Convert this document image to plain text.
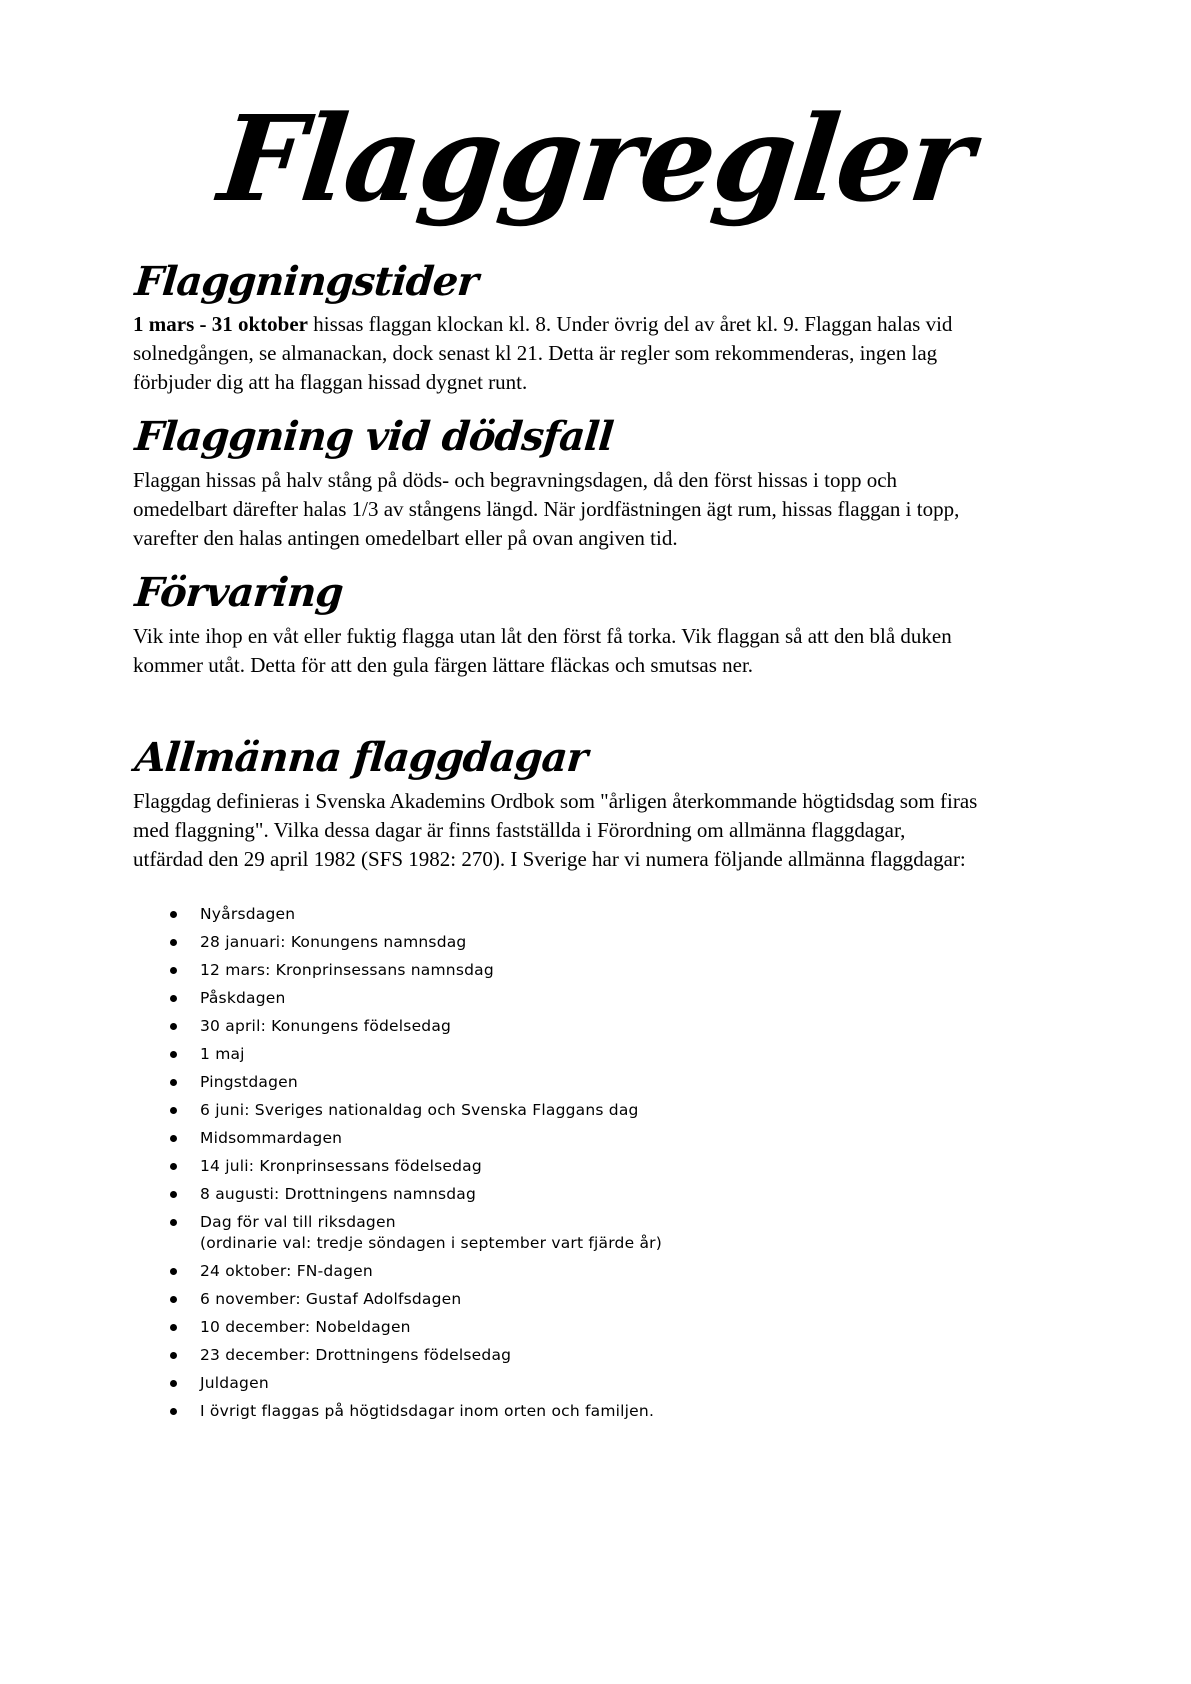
Flaggregler
Flaggningstider

1 mars - 31 oktober hissas flaggan klockan kl. 8. Under övrig del av året kl. 9. Flaggan halas vid solnedgången, se almanackan, dock senast kl 21. Detta är regler som rekommenderas, ingen lag förbjuder dig att ha flaggan hissad dygnet runt.

Flaggning vid dödsfall

Flaggan hissas på halv stång på döds- och begravningsdagen, då den först hissas i topp och omedelbart därefter halas 1/3 av stångens längd. När jordfästningen ägt rum, hissas flaggan i topp, varefter den halas antingen omedelbart eller på ovan angiven tid.

Förvaring

Vik inte ihop en våt eller fuktig flagga utan låt den först få torka. Vik flaggan så att den blå duken kommer utåt. Detta för att den gula färgen lättare fläckas och smutsas ner.

Allmänna flaggdagar

Flaggdag definieras i Svenska Akademins Ordbok som "årligen återkommande högtidsdag som firas med flaggning". Vilka dessa dagar är finns fastställda i Förordning om allmänna flaggdagar, utfärdad den 29 april 1982 (SFS 1982: 270). I Sverige har vi numera följande allmänna flaggdagar:

Nyårsdagen
28 januari: Konungens namnsdag
12 mars: Kronprinsessans namnsdag
Påskdagen
30 april: Konungens födelsedag
1 maj
Pingstdagen
6 juni: Sveriges nationaldag och Svenska Flaggans dag
Midsommardagen
14 juli: Kronprinsessans födelsedag
8 augusti: Drottningens namnsdag
Dag för val till riksdagen
(ordinarie val: tredje söndagen i september vart fjärde år)
24 oktober: FN-dagen
6 november: Gustaf Adolfsdagen
10 december: Nobeldagen
23 december: Drottningens födelsedag
Juldagen
I övrigt flaggas på högtidsdagar inom orten och familjen.
